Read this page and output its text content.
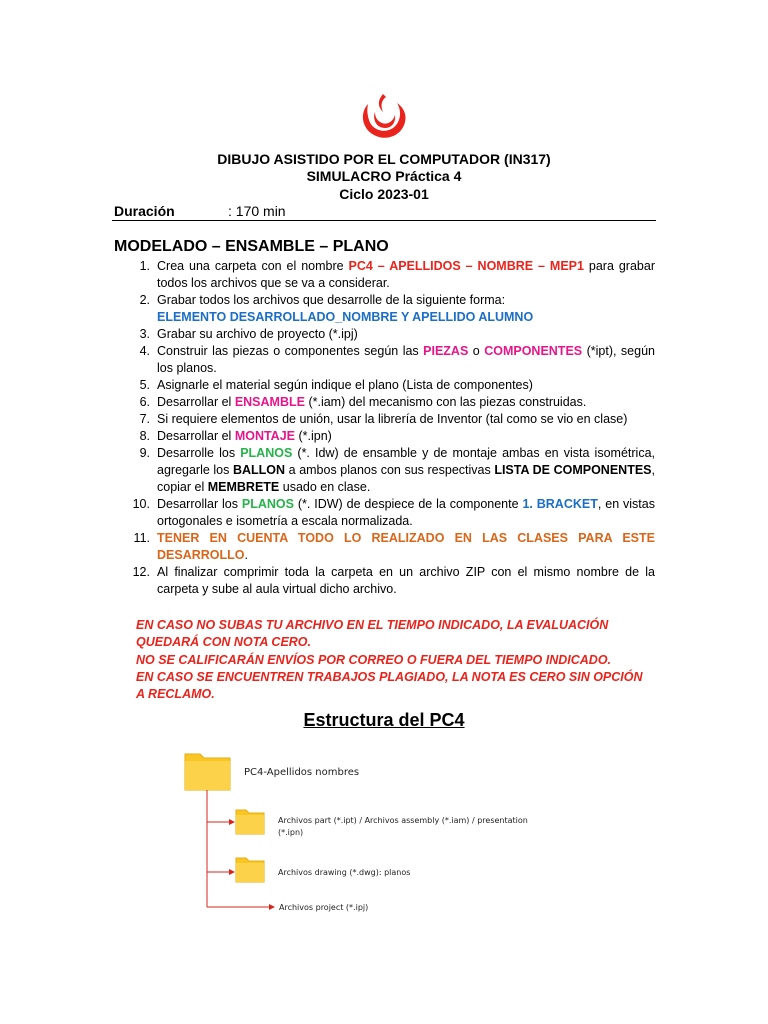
DIBUJO ASISTIDO POR EL COMPUTADOR (IN317)
SIMULACRO Práctica 4
Ciclo 2023-01
Duración	: 170 min
MODELADO – ENSAMBLE – PLANO
1. Crea una carpeta con el nombre PC4 – APELLIDOS – NOMBRE – MEP1 para grabar todos los archivos que se va a considerar.
2. Grabar todos los archivos que desarrolle de la siguiente forma:
ELEMENTO DESARROLLADO_NOMBRE Y APELLIDO ALUMNO
3. Grabar su archivo de proyecto (*.ipj)
4. Construir las piezas o componentes según las PIEZAS o COMPONENTES (*ipt), según los planos.
5. Asignarle el material según indique el plano (Lista de componentes)
6. Desarrollar el ENSAMBLE (*.iam) del mecanismo con las piezas construidas.
7. Si requiere elementos de unión, usar la librería de Inventor (tal como se vio en clase)
8. Desarrollar el MONTAJE (*.ipn)
9. Desarrolle los PLANOS (*. Idw) de ensamble y de montaje ambas en vista isométrica, agregarle los BALLON a ambos planos con sus respectivas LISTA DE COMPONENTES, copiar el MEMBRETE usado en clase.
10. Desarrollar los PLANOS (*. IDW) de despiece de la componente 1. BRACKET, en vistas ortogonales e isometría a escala normalizada.
11. TENER EN CUENTA TODO LO REALIZADO EN LAS CLASES PARA ESTE DESARROLLO.
12. Al finalizar comprimir toda la carpeta en un archivo ZIP con el mismo nombre de la carpeta y sube al aula virtual dicho archivo.
EN CASO NO SUBAS TU ARCHIVO EN EL TIEMPO INDICADO, LA EVALUACIÓN
QUEDARÁ CON NOTA CERO.
NO SE CALIFICARÁN ENVÍOS POR CORREO O FUERA DEL TIEMPO INDICADO.
EN CASO SE ENCUENTREN TRABAJOS PLAGIADO, LA NOTA ES CERO SIN OPCIÓN
A RECLAMO.
Estructura del PC4
PC4-Apellidos nombres
Archivos part (*.ipt) / Archivos assembly (*.iam) / presentation
(*.ipn)
Archivos drawing (*.dwg): planos
Archivos project (*.ipj)
